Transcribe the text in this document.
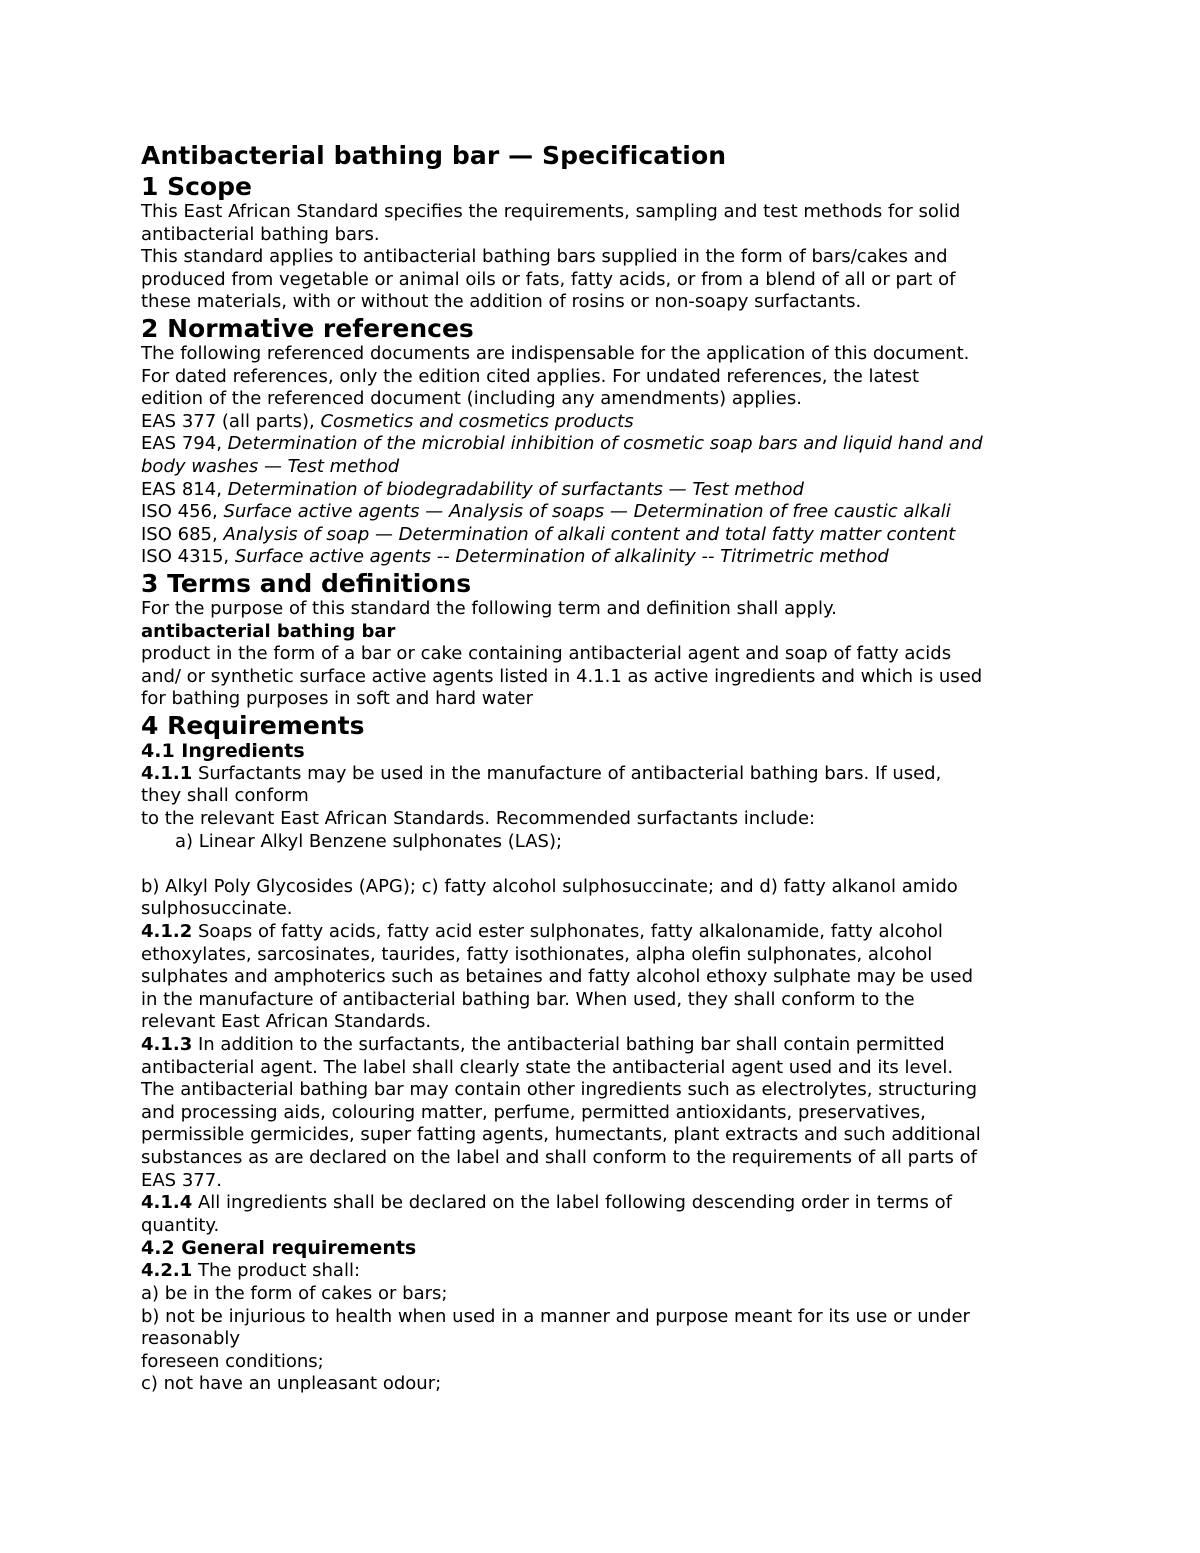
Antibacterial bathing bar — Specification
1 Scope
This East African Standard specifies the requirements, sampling and test methods for solid
antibacterial bathing bars.
This standard applies to antibacterial bathing bars supplied in the form of bars/cakes and
produced from vegetable or animal oils or fats, fatty acids, or from a blend of all or part of
these materials, with or without the addition of rosins or non-soapy surfactants.
2 Normative references
The following referenced documents are indispensable for the application of this document.
For dated references, only the edition cited applies. For undated references, the latest
edition of the referenced document (including any amendments) applies.
EAS 377 (all parts), Cosmetics and cosmetics products
EAS 794, Determination of the microbial inhibition of cosmetic soap bars and liquid hand and
body washes — Test method
EAS 814, Determination of biodegradability of surfactants — Test method
ISO 456, Surface active agents — Analysis of soaps — Determination of free caustic alkali
ISO 685, Analysis of soap — Determination of alkali content and total fatty matter content
ISO 4315, Surface active agents -- Determination of alkalinity -- Titrimetric method
3 Terms and definitions
For the purpose of this standard the following term and definition shall apply.
antibacterial bathing bar
product in the form of a bar or cake containing antibacterial agent and soap of fatty acids
and/ or synthetic surface active agents listed in 4.1.1 as active ingredients and which is used
for bathing purposes in soft and hard water
4 Requirements
4.1 Ingredients
4.1.1 Surfactants may be used in the manufacture of antibacterial bathing bars. If used,
they shall conform
to the relevant East African Standards. Recommended surfactants include:
a) Linear Alkyl Benzene sulphonates (LAS);
b) Alkyl Poly Glycosides (APG); c) fatty alcohol sulphosuccinate; and d) fatty alkanol amido
sulphosuccinate.
4.1.2 Soaps of fatty acids, fatty acid ester sulphonates, fatty alkalonamide, fatty alcohol
ethoxylates, sarcosinates, taurides, fatty isothionates, alpha olefin sulphonates, alcohol
sulphates and amphoterics such as betaines and fatty alcohol ethoxy sulphate may be used
in the manufacture of antibacterial bathing bar. When used, they shall conform to the
relevant East African Standards.
4.1.3 In addition to the surfactants, the antibacterial bathing bar shall contain permitted
antibacterial agent. The label shall clearly state the antibacterial agent used and its level.
The antibacterial bathing bar may contain other ingredients such as electrolytes, structuring
and processing aids, colouring matter, perfume, permitted antioxidants, preservatives,
permissible germicides, super fatting agents, humectants, plant extracts and such additional
substances as are declared on the label and shall conform to the requirements of all parts of
EAS 377.
4.1.4 All ingredients shall be declared on the label following descending order in terms of
quantity.
4.2 General requirements
4.2.1 The product shall:
a) be in the form of cakes or bars;
b) not be injurious to health when used in a manner and purpose meant for its use or under
reasonably
foreseen conditions;
c) not have an unpleasant odour;
